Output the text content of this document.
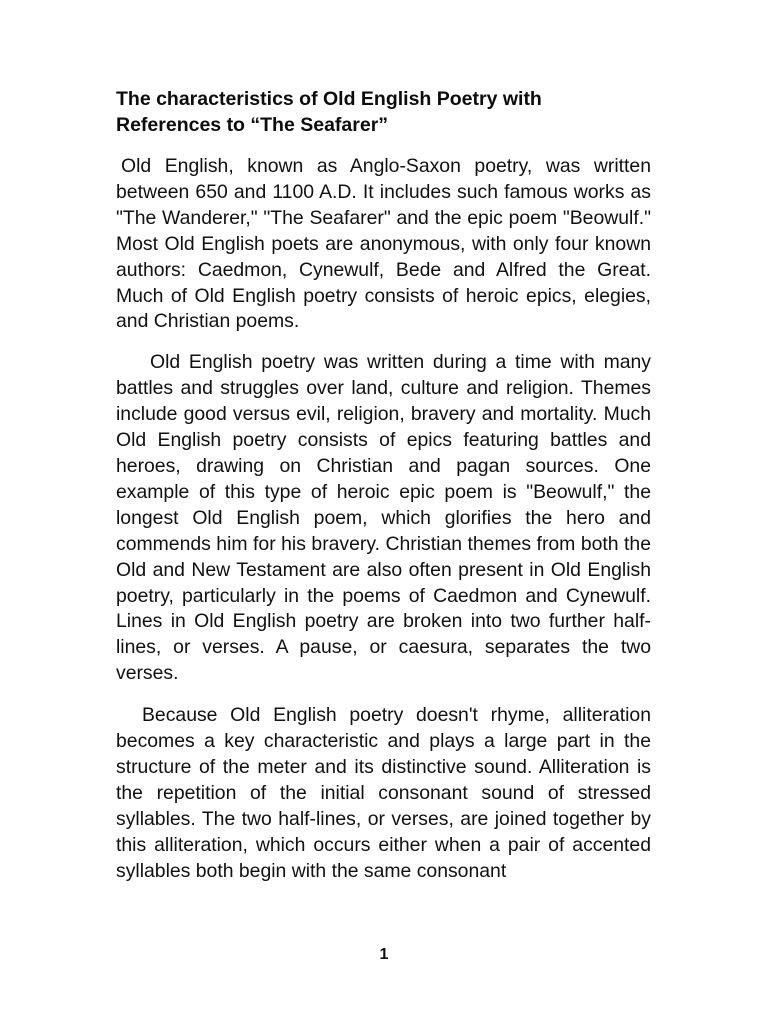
The characteristics of Old English Poetry with References to “The Seafarer”

Old English, known as Anglo-Saxon poetry, was written between 650 and 1100 A.D. It includes such famous works as "The Wanderer," "The Seafarer" and the epic poem "Beowulf." Most Old English poets are anonymous, with only four known authors: Caedmon, Cynewulf, Bede and Alfred the Great. Much of Old English poetry consists of heroic epics, elegies, and Christian poems.

Old English poetry was written during a time with many battles and struggles over land, culture and religion. Themes include good versus evil, religion, bravery and mortality. Much Old English poetry consists of epics featuring battles and heroes, drawing on Christian and pagan sources. One example of this type of heroic epic poem is "Beowulf," the longest Old English poem, which glorifies the hero and commends him for his bravery. Christian themes from both the Old and New Testament are also often present in Old English poetry, particularly in the poems of Caedmon and Cynewulf. Lines in Old English poetry are broken into two further half-lines, or verses. A pause, or caesura, separates the two verses.

Because Old English poetry doesn't rhyme, alliteration becomes a key characteristic and plays a large part in the structure of the meter and its distinctive sound. Alliteration is the repetition of the initial consonant sound of stressed syllables. The two half-lines, or verses, are joined together by this alliteration, which occurs either when a pair of accented syllables both begin with the same consonant

1
